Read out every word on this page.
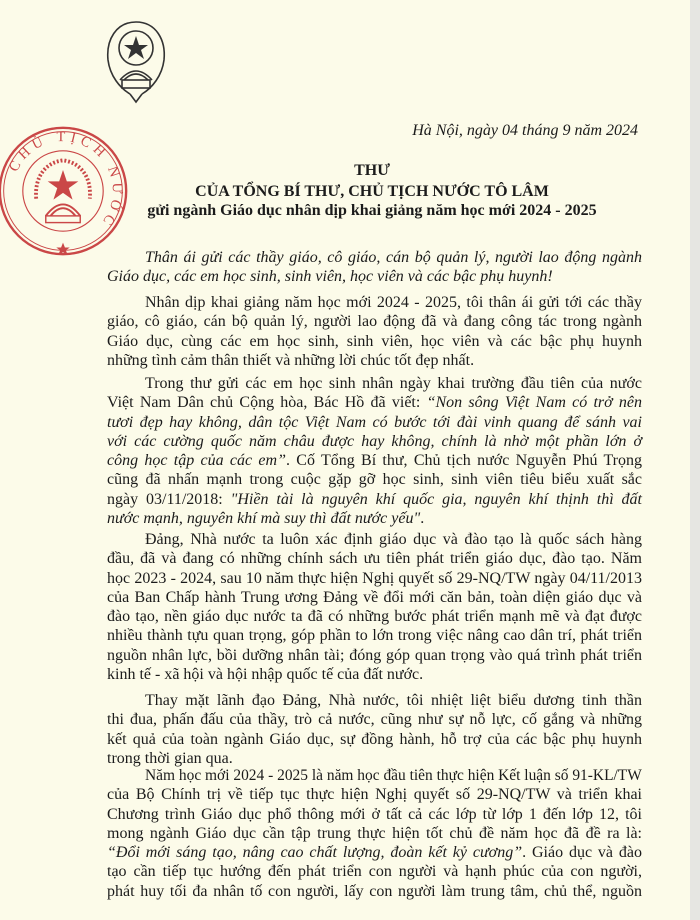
Hà Nội, ngày 04 tháng 9 năm 2024
THƯ
CỦA TỔNG BÍ THƯ, CHỦ TỊCH NƯỚC TÔ LÂM
gửi ngành Giáo dục nhân dịp khai giảng năm học mới 2024 - 2025
Thân ái gửi các thầy giáo, cô giáo, cán bộ quản lý, người lao động ngành
Giáo dục, các em học sinh, sinh viên, học viên và các bậc phụ huynh!
Nhân dịp khai giảng năm học mới 2024 - 2025, tôi thân ái gửi tới các thầy
giáo, cô giáo, cán bộ quản lý, người lao động đã và đang công tác trong ngành
Giáo dục, cùng các em học sinh, sinh viên, học viên và các bậc phụ huynh
những tình cảm thân thiết và những lời chúc tốt đẹp nhất.
Trong thư gửi các em học sinh nhân ngày khai trường đầu tiên của nước
Việt Nam Dân chủ Cộng hòa, Bác Hồ đã viết: “Non sông Việt Nam có trở nên
tươi đẹp hay không, dân tộc Việt Nam có bước tới đài vinh quang để sánh vai
với các cường quốc năm châu được hay không, chính là nhờ một phần lớn ở
công học tập của các em”. Cố Tổng Bí thư, Chủ tịch nước Nguyễn Phú Trọng
cũng đã nhấn mạnh trong cuộc gặp gỡ học sinh, sinh viên tiêu biểu xuất sắc
ngày 03/11/2018: "Hiền tài là nguyên khí quốc gia, nguyên khí thịnh thì đất
nước mạnh, nguyên khí mà suy thì đất nước yếu".
Đảng, Nhà nước ta luôn xác định giáo dục và đào tạo là quốc sách hàng
đầu, đã và đang có những chính sách ưu tiên phát triển giáo dục, đào tạo. Năm
học 2023 - 2024, sau 10 năm thực hiện Nghị quyết số 29-NQ/TW ngày 04/11/2013
của Ban Chấp hành Trung ương Đảng về đổi mới căn bản, toàn diện giáo dục và
đào tạo, nền giáo dục nước ta đã có những bước phát triển mạnh mẽ và đạt được
nhiều thành tựu quan trọng, góp phần to lớn trong việc nâng cao dân trí, phát triển
nguồn nhân lực, bồi dưỡng nhân tài; đóng góp quan trọng vào quá trình phát triển
kinh tế - xã hội và hội nhập quốc tế của đất nước.
Thay mặt lãnh đạo Đảng, Nhà nước, tôi nhiệt liệt biểu dương tinh thần
thi đua, phấn đấu của thầy, trò cả nước, cũng như sự nỗ lực, cố gắng và những
kết quả của toàn ngành Giáo dục, sự đồng hành, hỗ trợ của các bậc phụ huynh
trong thời gian qua.
Năm học mới 2024 - 2025 là năm học đầu tiên thực hiện Kết luận số 91-KL/TW
của Bộ Chính trị về tiếp tục thực hiện Nghị quyết số 29-NQ/TW và triển khai
Chương trình Giáo dục phổ thông mới ở tất cả các lớp từ lớp 1 đến lớp 12, tôi
mong ngành Giáo dục cần tập trung thực hiện tốt chủ đề năm học đã đề ra là:
“Đổi mới sáng tạo, nâng cao chất lượng, đoàn kết kỷ cương”. Giáo dục và đào
tạo cần tiếp tục hướng đến phát triển con người và hạnh phúc của con người,
phát huy tối đa nhân tố con người, lấy con người làm trung tâm, chủ thể, nguồn
CHỦ TỊCH NƯỚC
